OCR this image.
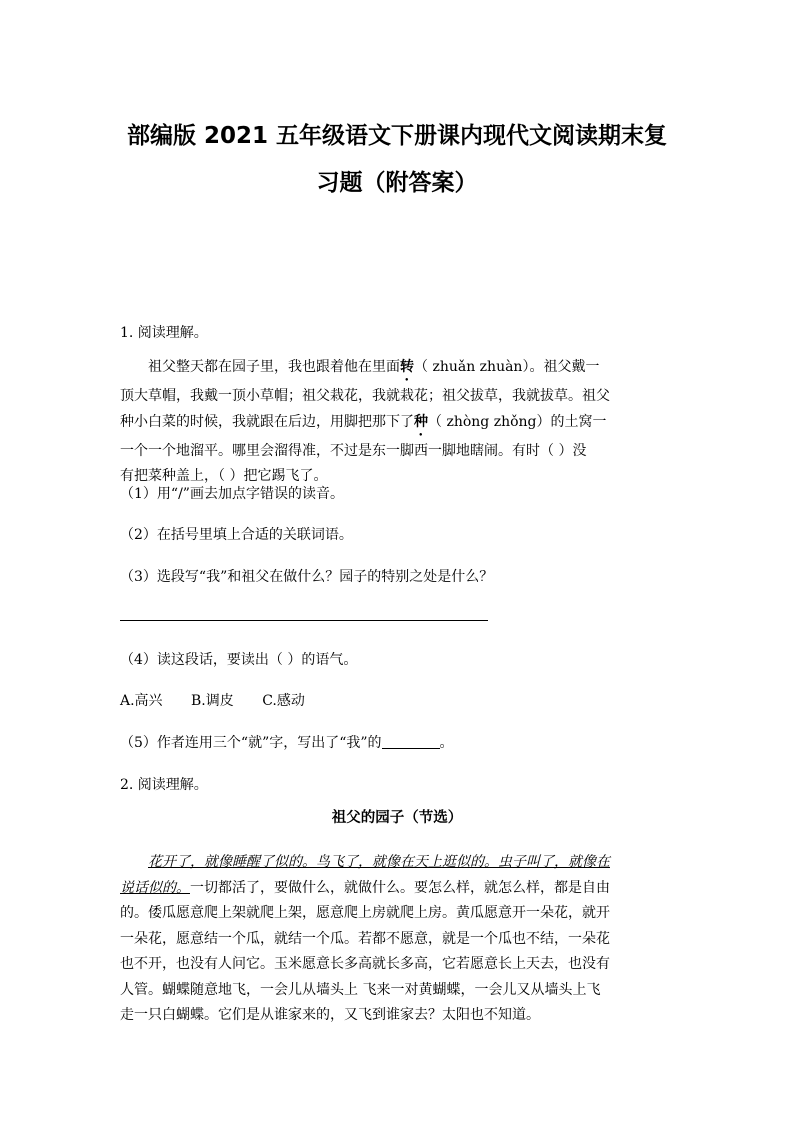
部编版 2021 五年级语文下册课内现代文阅读期末复
习题（附答案）
1. 阅读理解。
祖父整天都在园子里，我也跟着他在里面转（ zhuǎn zhuàn）。祖父戴一
顶大草帽，我戴一顶小草帽；祖父栽花，我就栽花；祖父拔草，我就拔草。祖父
种小白菜的时候，我就跟在后边，用脚把那下了种（ zhòng zhǒng）的土窝一
一个一个地溜平。哪里会溜得准，不过是东一脚西一脚地瞎闹。有时（ ）没
有把菜种盖上，（ ）把它踢飞了。
（1）用“/”画去加点字错误的读音。
（2）在括号里填上合适的关联词语。
（3）选段写“我”和祖父在做什么？园子的特别之处是什么？
（4）读这段话，要读出（ ）的语气。
A.高兴 B.调皮 C.感动
（5）作者连用三个“就”字，写出了“我”的	。
2. 阅读理解。
祖父的园子（节选）
花开了，就像睡醒了似的。鸟飞了，就像在天上逛似的。虫子叫了，就像在
说话似的。一切都活了，要做什么，就做什么。要怎么样，就怎么样，都是自由
的。倭瓜愿意爬上架就爬上架，愿意爬上房就爬上房。黄瓜愿意开一朵花，就开
一朵花，愿意结一个瓜，就结一个瓜。若都不愿意，就是一个瓜也不结，一朵花
也不开，也没有人问它。玉米愿意长多高就长多高，它若愿意长上天去，也没有
人管。蝴蝶随意地飞，一会儿从墙头上 飞来一对黄蝴蝶，一会儿又从墙头上飞
走一只白蝴蝶。它们是从谁家来的，又飞到谁家去？太阳也不知道。
